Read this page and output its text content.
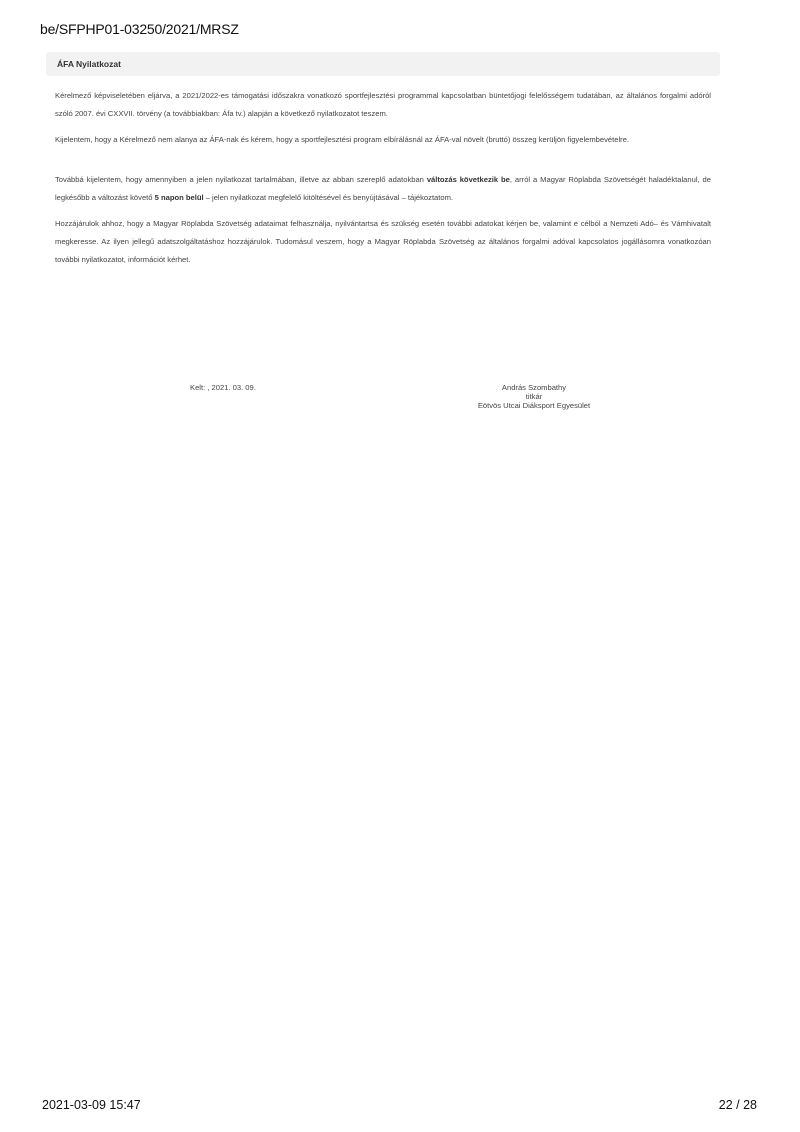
be/SFPHP01-03250/2021/MRSZ
ÁFA Nyilatkozat

Kérelmező képviseletében eljárva, a 2021/2022-es támogatási időszakra vonatkozó sportfejlesztési programmal kapcsolatban büntetőjogi felelősségem tudatában, az általános forgalmi adóról szóló 2007. évi CXXVII. törvény (a továbbiakban: Áfa tv.) alapján a következő nyilatkozatot teszem.

Kijelentem, hogy a Kérelmező nem alanya az ÁFA-nak és kérem, hogy a sportfejlesztési program elbírálásnál az ÁFA-val növelt (bruttó) összeg kerüljön figyelembevételre.

Továbbá kijelentem, hogy amennyiben a jelen nyilatkozat tartalmában, illetve az abban szereplő adatokban változás következik be, arról a Magyar Röplabda Szövetségét haladéktalanul, de legkésőbb a változást követő 5 napon belül – jelen nyilatkozat megfelelő kitöltésével és benyújtásával – tájékoztatom.

Hozzájárulok ahhoz, hogy a Magyar Röplabda Szövetség adataimat felhasználja, nyilvántartsa és szükség esetén további adatokat kérjen be, valamint e célból a Nemzeti Adó– és Vámhivatalt megkeresse. Az ilyen jellegű adatszolgáltatáshoz hozzájárulok. Tudomásul veszem, hogy a Magyar Röplabda Szövetség az általános forgalmi adóval kapcsolatos jogállásomra vonatkozóan további nyilatkozatot, információt kérhet.

Kelt: , 2021. 03. 09.	András Szombathy
titkár
Eötvös Utcai Diáksport Egyesület
2021-03-09 15:47	22 / 28
